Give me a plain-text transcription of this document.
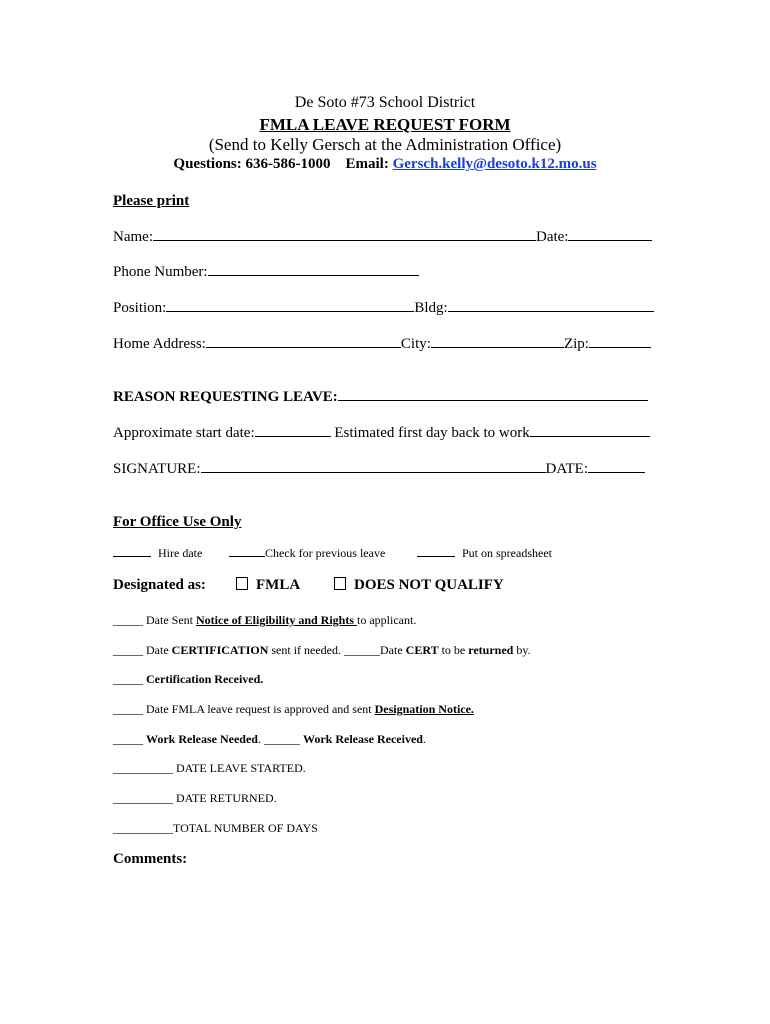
De Soto #73 School District
FMLA LEAVE REQUEST FORM
(Send to Kelly Gersch at the Administration Office)
Questions: 636-586-1000 Email: Gersch.kelly@desoto.k12.mo.us
Please print
Name:	Date:
Phone Number:
Position:	Bldg:
Home Address:	City:	Zip:
REASON REQUESTING LEAVE:
Approximate start date:	Estimated first day back to work
SIGNATURE:	DATE:
For Office Use Only
Hire date	Check for previous leave	Put on spreadsheet
Designated as:	FMLA	DOES NOT QUALIFY
_____ Date Sent Notice of Eligibility and Rights to applicant.
_____ Date CERTIFICATION sent if needed. ______Date CERT to be returned by.
_____ Certification Received.
_____ Date FMLA leave request is approved and sent Designation Notice.
_____ Work Release Needed. ______ Work Release Received.
__________ DATE LEAVE STARTED.
__________ DATE RETURNED.
__________TOTAL NUMBER OF DAYS
Comments:
